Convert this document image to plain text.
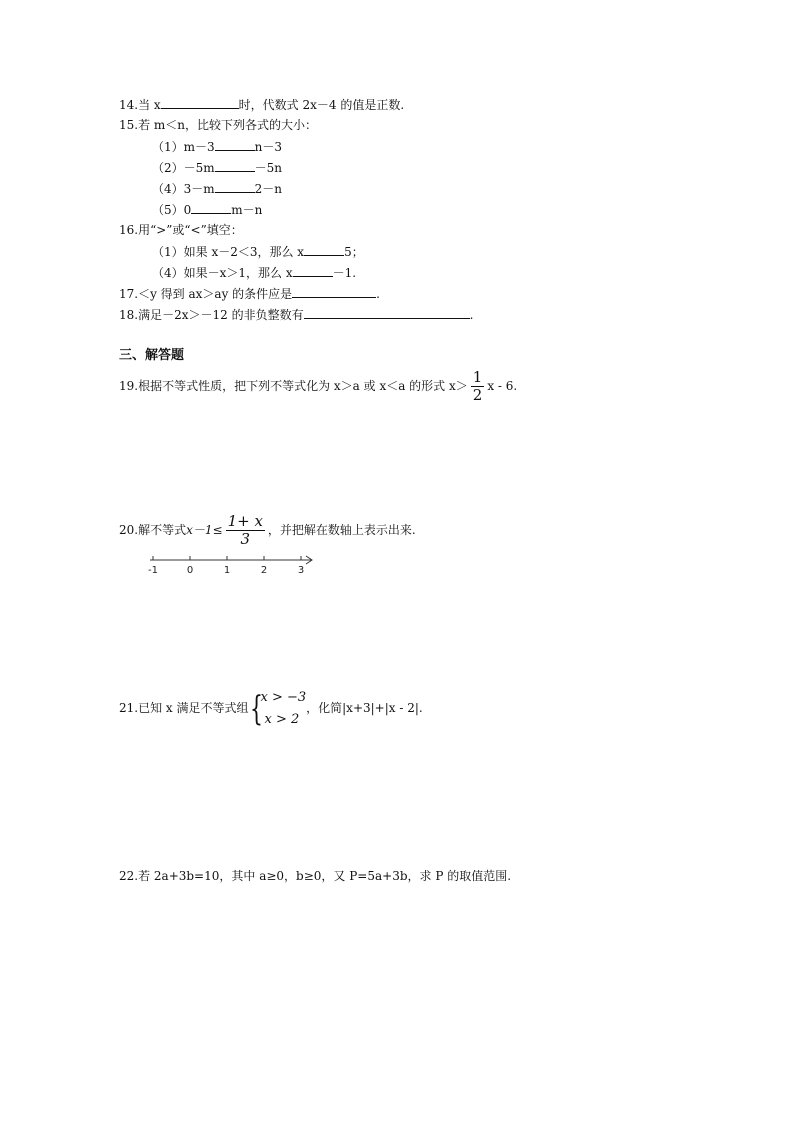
14.当 x	时，代数式 2x－4 的值是正数.
15.若 m＜n，比较下列各式的大小：
（1）m－3	n－3
（2）－5m	－5n
（4）3－m	2－n
（5）0	m－n
16.用“>”或“<”填空：
（1）如果 x－2＜3，那么 x	5；
（4）如果－x＞1，那么 x	－1.
17.＜y 得到 ax＞ay 的条件应是	.
18.满足－2x＞－12 的非负整数有	.
三、解答题
19.根据不等式性质，把下列不等式化为 x＞a 或 x＜a 的形式 $x> \frac{1}{2}$ x - 6.
20.解不等式$x-1\le \frac{1+ x}{3}$ ，并把解在数轴上表示出来.
-1	0	1	2	3
21.已知 x 满足不等式组 {
x > −3
x > 2
，化简|x+3|+|x - 2|.
22.若 2a+3b=10，其中 a≥0，b≥0，又 P=5a+3b，求 P 的取值范围.
